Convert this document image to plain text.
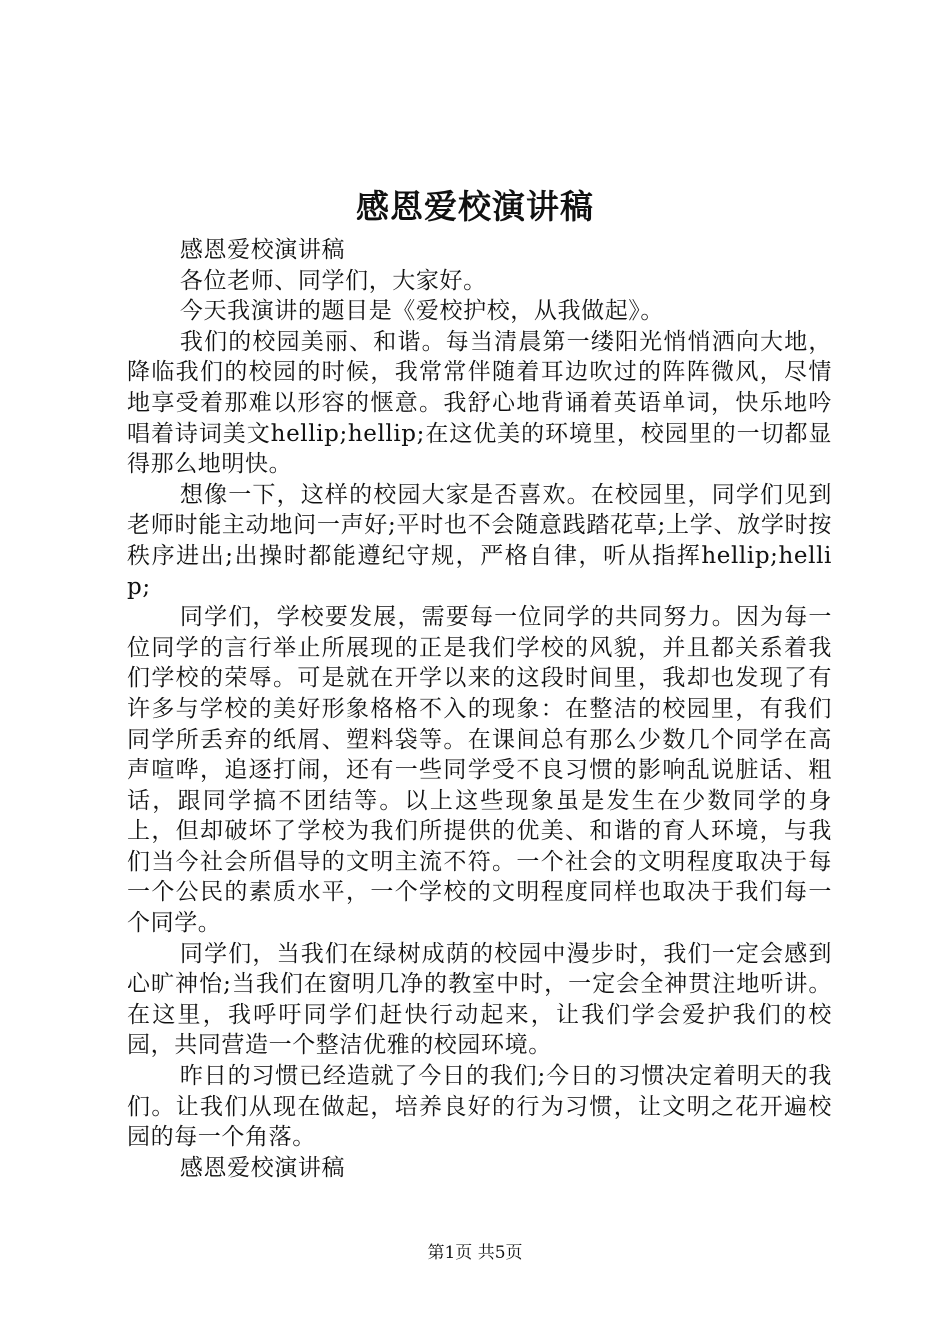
感恩爱校演讲稿

感恩爱校演讲稿

各位老师、同学们，大家好。

今天我演讲的题目是《爱校护校，从我做起》。

我们的校园美丽、和谐。每当清晨第一缕阳光悄悄洒向大地，降临我们的校园的时候，我常常伴随着耳边吹过的阵阵微风，尽情地享受着那难以形容的惬意。我舒心地背诵着英语单词，快乐地吟唱着诗词美文hellip;hellip;在这优美的环境里，校园里的一切都显得那么地明快。

想像一下，这样的校园大家是否喜欢。在校园里，同学们见到老师时能主动地问一声好;平时也不会随意践踏花草;上学、放学时按秩序进出;出操时都能遵纪守规，严格自律，听从指挥hellip;hellip;

同学们，学校要发展，需要每一位同学的共同努力。因为每一位同学的言行举止所展现的正是我们学校的风貌，并且都关系着我们学校的荣辱。可是就在开学以来的这段时间里，我却也发现了有许多与学校的美好形象格格不入的现象：在整洁的校园里，有我们同学所丢弃的纸屑、塑料袋等。在课间总有那么少数几个同学在高声喧哗，追逐打闹，还有一些同学受不良习惯的影响乱说脏话、粗话，跟同学搞不团结等。以上这些现象虽是发生在少数同学的身上，但却破坏了学校为我们所提供的优美、和谐的育人环境，与我们当今社会所倡导的文明主流不符。一个社会的文明程度取决于每一个公民的素质水平，一个学校的文明程度同样也取决于我们每一个同学。

同学们，当我们在绿树成荫的校园中漫步时，我们一定会感到心旷神怡;当我们在窗明几净的教室中时，一定会全神贯注地听讲。在这里，我呼吁同学们赶快行动起来，让我们学会爱护我们的校园，共同营造一个整洁优雅的校园环境。

昨日的习惯已经造就了今日的我们;今日的习惯决定着明天的我们。让我们从现在做起，培养良好的行为习惯，让文明之花开遍校园的每一个角落。

感恩爱校演讲稿

第1页 共5页
